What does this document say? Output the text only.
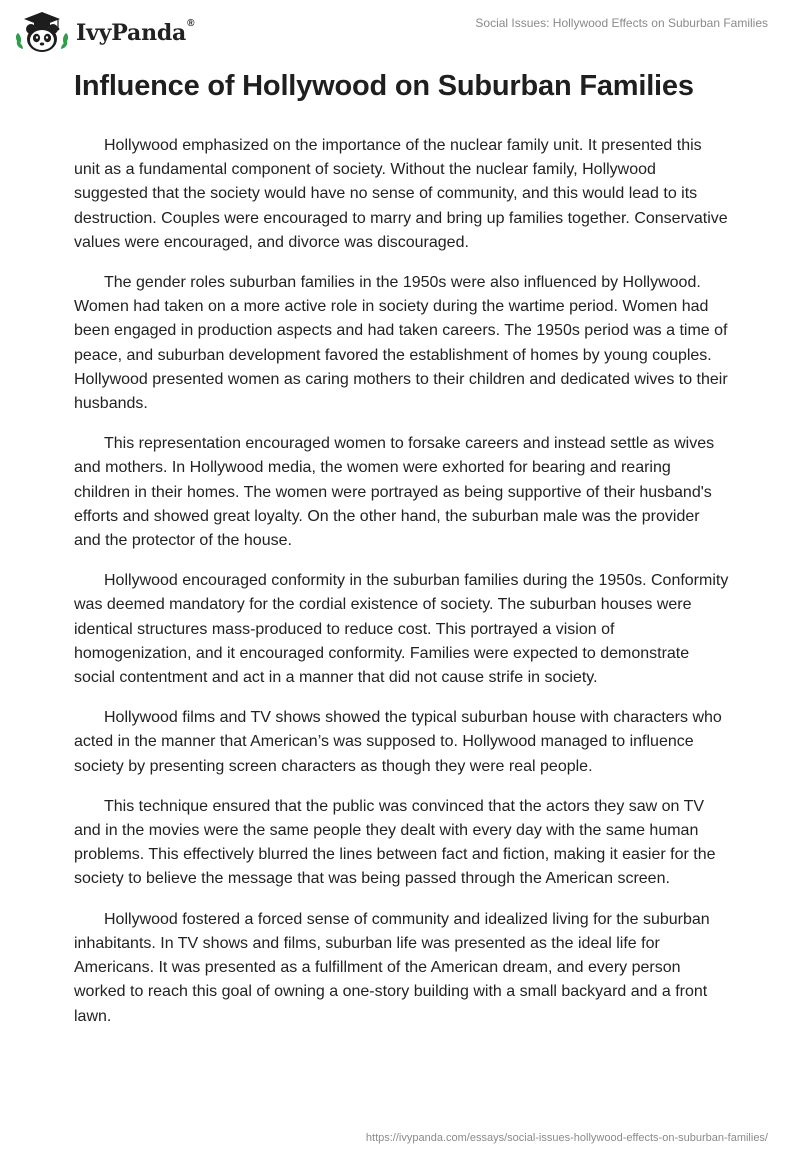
IvyPanda®	Social Issues: Hollywood Effects on Suburban Families
Influence of Hollywood on Suburban Families

Hollywood emphasized on the importance of the nuclear family unit. It presented this unit as a fundamental component of society. Without the nuclear family, Hollywood suggested that the society would have no sense of community, and this would lead to its destruction. Couples were encouraged to marry and bring up families together. Conservative values were encouraged, and divorce was discouraged.

The gender roles suburban families in the 1950s were also influenced by Hollywood. Women had taken on a more active role in society during the wartime period. Women had been engaged in production aspects and had taken careers. The 1950s period was a time of peace, and suburban development favored the establishment of homes by young couples. Hollywood presented women as caring mothers to their children and dedicated wives to their husbands.

This representation encouraged women to forsake careers and instead settle as wives and mothers. In Hollywood media, the women were exhorted for bearing and rearing children in their homes. The women were portrayed as being supportive of their husband's efforts and showed great loyalty. On the other hand, the suburban male was the provider and the protector of the house.

Hollywood encouraged conformity in the suburban families during the 1950s. Conformity was deemed mandatory for the cordial existence of society. The suburban houses were identical structures mass-produced to reduce cost. This portrayed a vision of homogenization, and it encouraged conformity. Families were expected to demonstrate social contentment and act in a manner that did not cause strife in society.

Hollywood films and TV shows showed the typical suburban house with characters who acted in the manner that American’s was supposed to. Hollywood managed to influence society by presenting screen characters as though they were real people.

This technique ensured that the public was convinced that the actors they saw on TV and in the movies were the same people they dealt with every day with the same human problems. This effectively blurred the lines between fact and fiction, making it easier for the society to believe the message that was being passed through the American screen.

Hollywood fostered a forced sense of community and idealized living for the suburban inhabitants. In TV shows and films, suburban life was presented as the ideal life for Americans. It was presented as a fulfillment of the American dream, and every person worked to reach this goal of owning a one-story building with a small backyard and a front lawn.

https://ivypanda.com/essays/social-issues-hollywood-effects-on-suburban-families/
